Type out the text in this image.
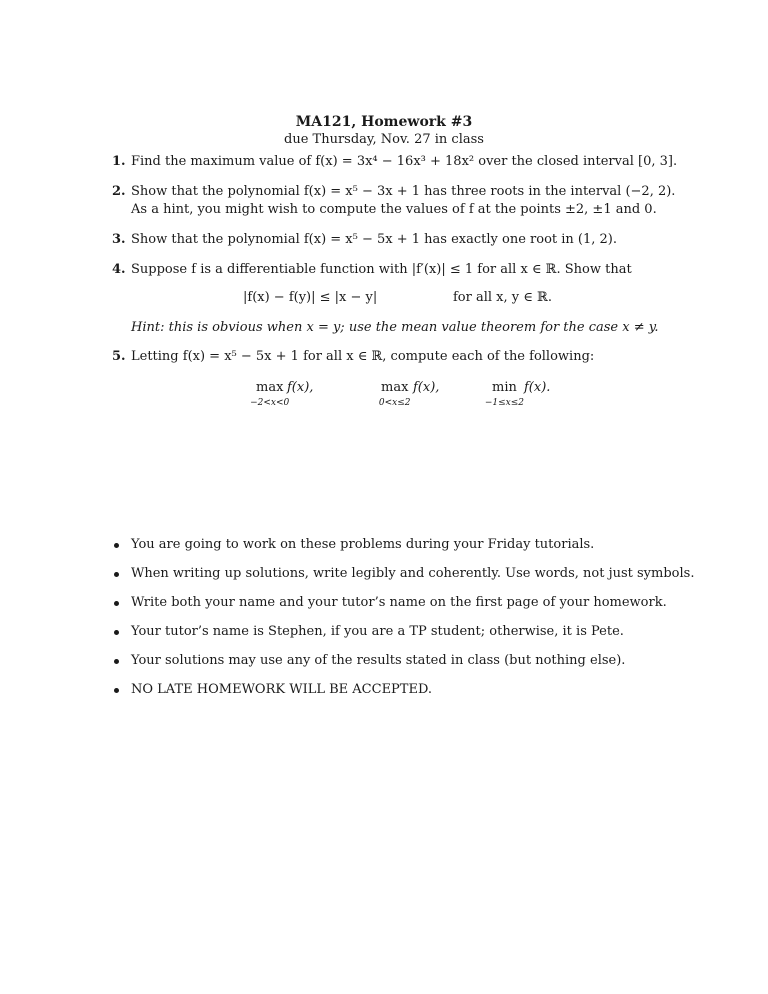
MA121, Homework #3
due Thursday, Nov. 27 in class
1. Find the maximum value of f(x) = 3x⁴ − 16x³ + 18x² over the closed interval [0, 3].
2. Show that the polynomial f(x) = x⁵ − 3x + 1 has three roots in the interval (−2, 2).
As a hint, you might wish to compute the values of f at the points ±2, ±1 and 0.
3. Show that the polynomial f(x) = x⁵ − 5x + 1 has exactly one root in (1, 2).
4. Suppose f is a differentiable function with |f′(x)| ≤ 1 for all x ∈ ℝ. Show that
|f(x) − f(y)| ≤ |x − y|	for all x, y ∈ ℝ.
Hint: this is obvious when x = y; use the mean value theorem for the case x ≠ y.
5. Letting f(x) = x⁵ − 5x + 1 for all x ∈ ℝ, compute each of the following:
max
−2<x<0
f(x),	max
0<x≤2
f(x),	min
−1≤x≤2
f(x).
You are going to work on these problems during your Friday tutorials.
When writing up solutions, write legibly and coherently. Use words, not just symbols.
Write both your name and your tutor’s name on the first page of your homework.
Your tutor’s name is Stephen, if you are a TP student; otherwise, it is Pete.
Your solutions may use any of the results stated in class (but nothing else).
NO LATE HOMEWORK WILL BE ACCEPTED.
